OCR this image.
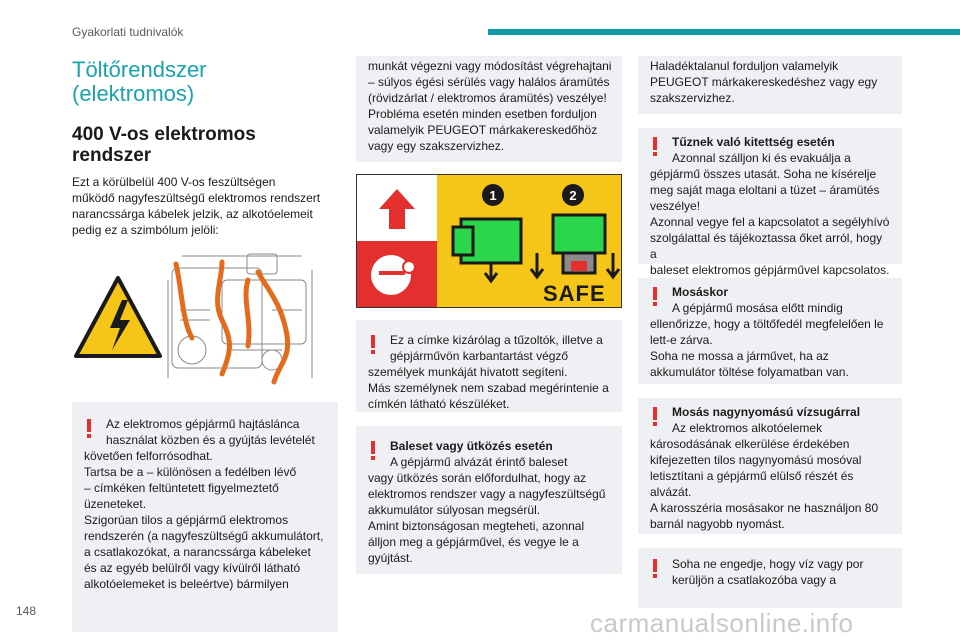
Gyakorlati tudnivalók
Töltőrendszer
(elektromos)
400 V-os elektromos
rendszer
Ezt a körülbelül 400 V-os feszültségen
működő nagyfeszültségű elektromos rendszert
narancssárga kábelek jelzik, az alkotóelemeit
pedig ez a szimbólum jelöli:
Az elektromos gépjármű hajtáslánca
használat közben és a gyújtás levételét
követően felforrósodhat.
Tartsa be a – különösen a fedélben lévő
– címkéken feltüntetett figyelmeztető
üzeneteket.
Szigorúan tilos a gépjármű elektromos
rendszerén (a nagyfeszültségű akkumulátort,
a csatlakozókat, a narancssárga kábeleket
és az egyéb belülről vagy kívülről látható
alkotóelemeket is beleértve) bármilyen
munkát végezni vagy módosítást végrehajtani
– súlyos égési sérülés vagy halálos áramütés
(rövidzárlat / elektromos áramütés) veszélye!
Probléma esetén minden esetben forduljon
valamelyik PEUGEOT márkakereskedőhöz
vagy egy szakszervizhez.
1	2
SAFE
Ez a címke kizárólag a tűzoltók, illetve a
gépjárművön karbantartást végző
személyek munkáját hivatott segíteni.
Más személynek nem szabad megérintenie a
címkén látható készüléket.
Baleset vagy ütközés esetén
A gépjármű alvázát érintő baleset
vagy ütközés során előfordulhat, hogy az
elektromos rendszer vagy a nagyfeszültségű
akkumulátor súlyosan megsérül.
Amint biztonságosan megteheti, azonnal
álljon meg a gépjárművel, és vegye le a
gyújtást.
Haladéktalanul forduljon valamelyik
PEUGEOT márkakereskedéshez vagy egy
szakszervizhez.
Tűznek való kitettség esetén
Azonnal szálljon ki és evakuálja a
gépjármű összes utasát. Soha ne kísérelje
meg saját maga eloltani a tüzet – áramütés
veszélye!
Azonnal vegye fel a kapcsolatot a segélyhívó
szolgálattal és tájékoztassa őket arról, hogy a
baleset elektromos gépjárművel kapcsolatos.
Mosáskor
A gépjármű mosása előtt mindig
ellenőrizze, hogy a töltőfedél megfelelően le
lett-e zárva.
Soha ne mossa a járművet, ha az
akkumulátor töltése folyamatban van.
Mosás nagynyomású vízsugárral
Az elektromos alkotóelemek
károsodásának elkerülése érdekében
kifejezetten tilos nagynyomású mosóval
letisztítani a gépjármű elülső részét és
alvázát.
A karosszéria mosásakor ne használjon 80
barnál nagyobb nyomást.
Soha ne engedje, hogy víz vagy por
kerüljön a csatlakozóba vagy a
148	carmanualsonline.info
